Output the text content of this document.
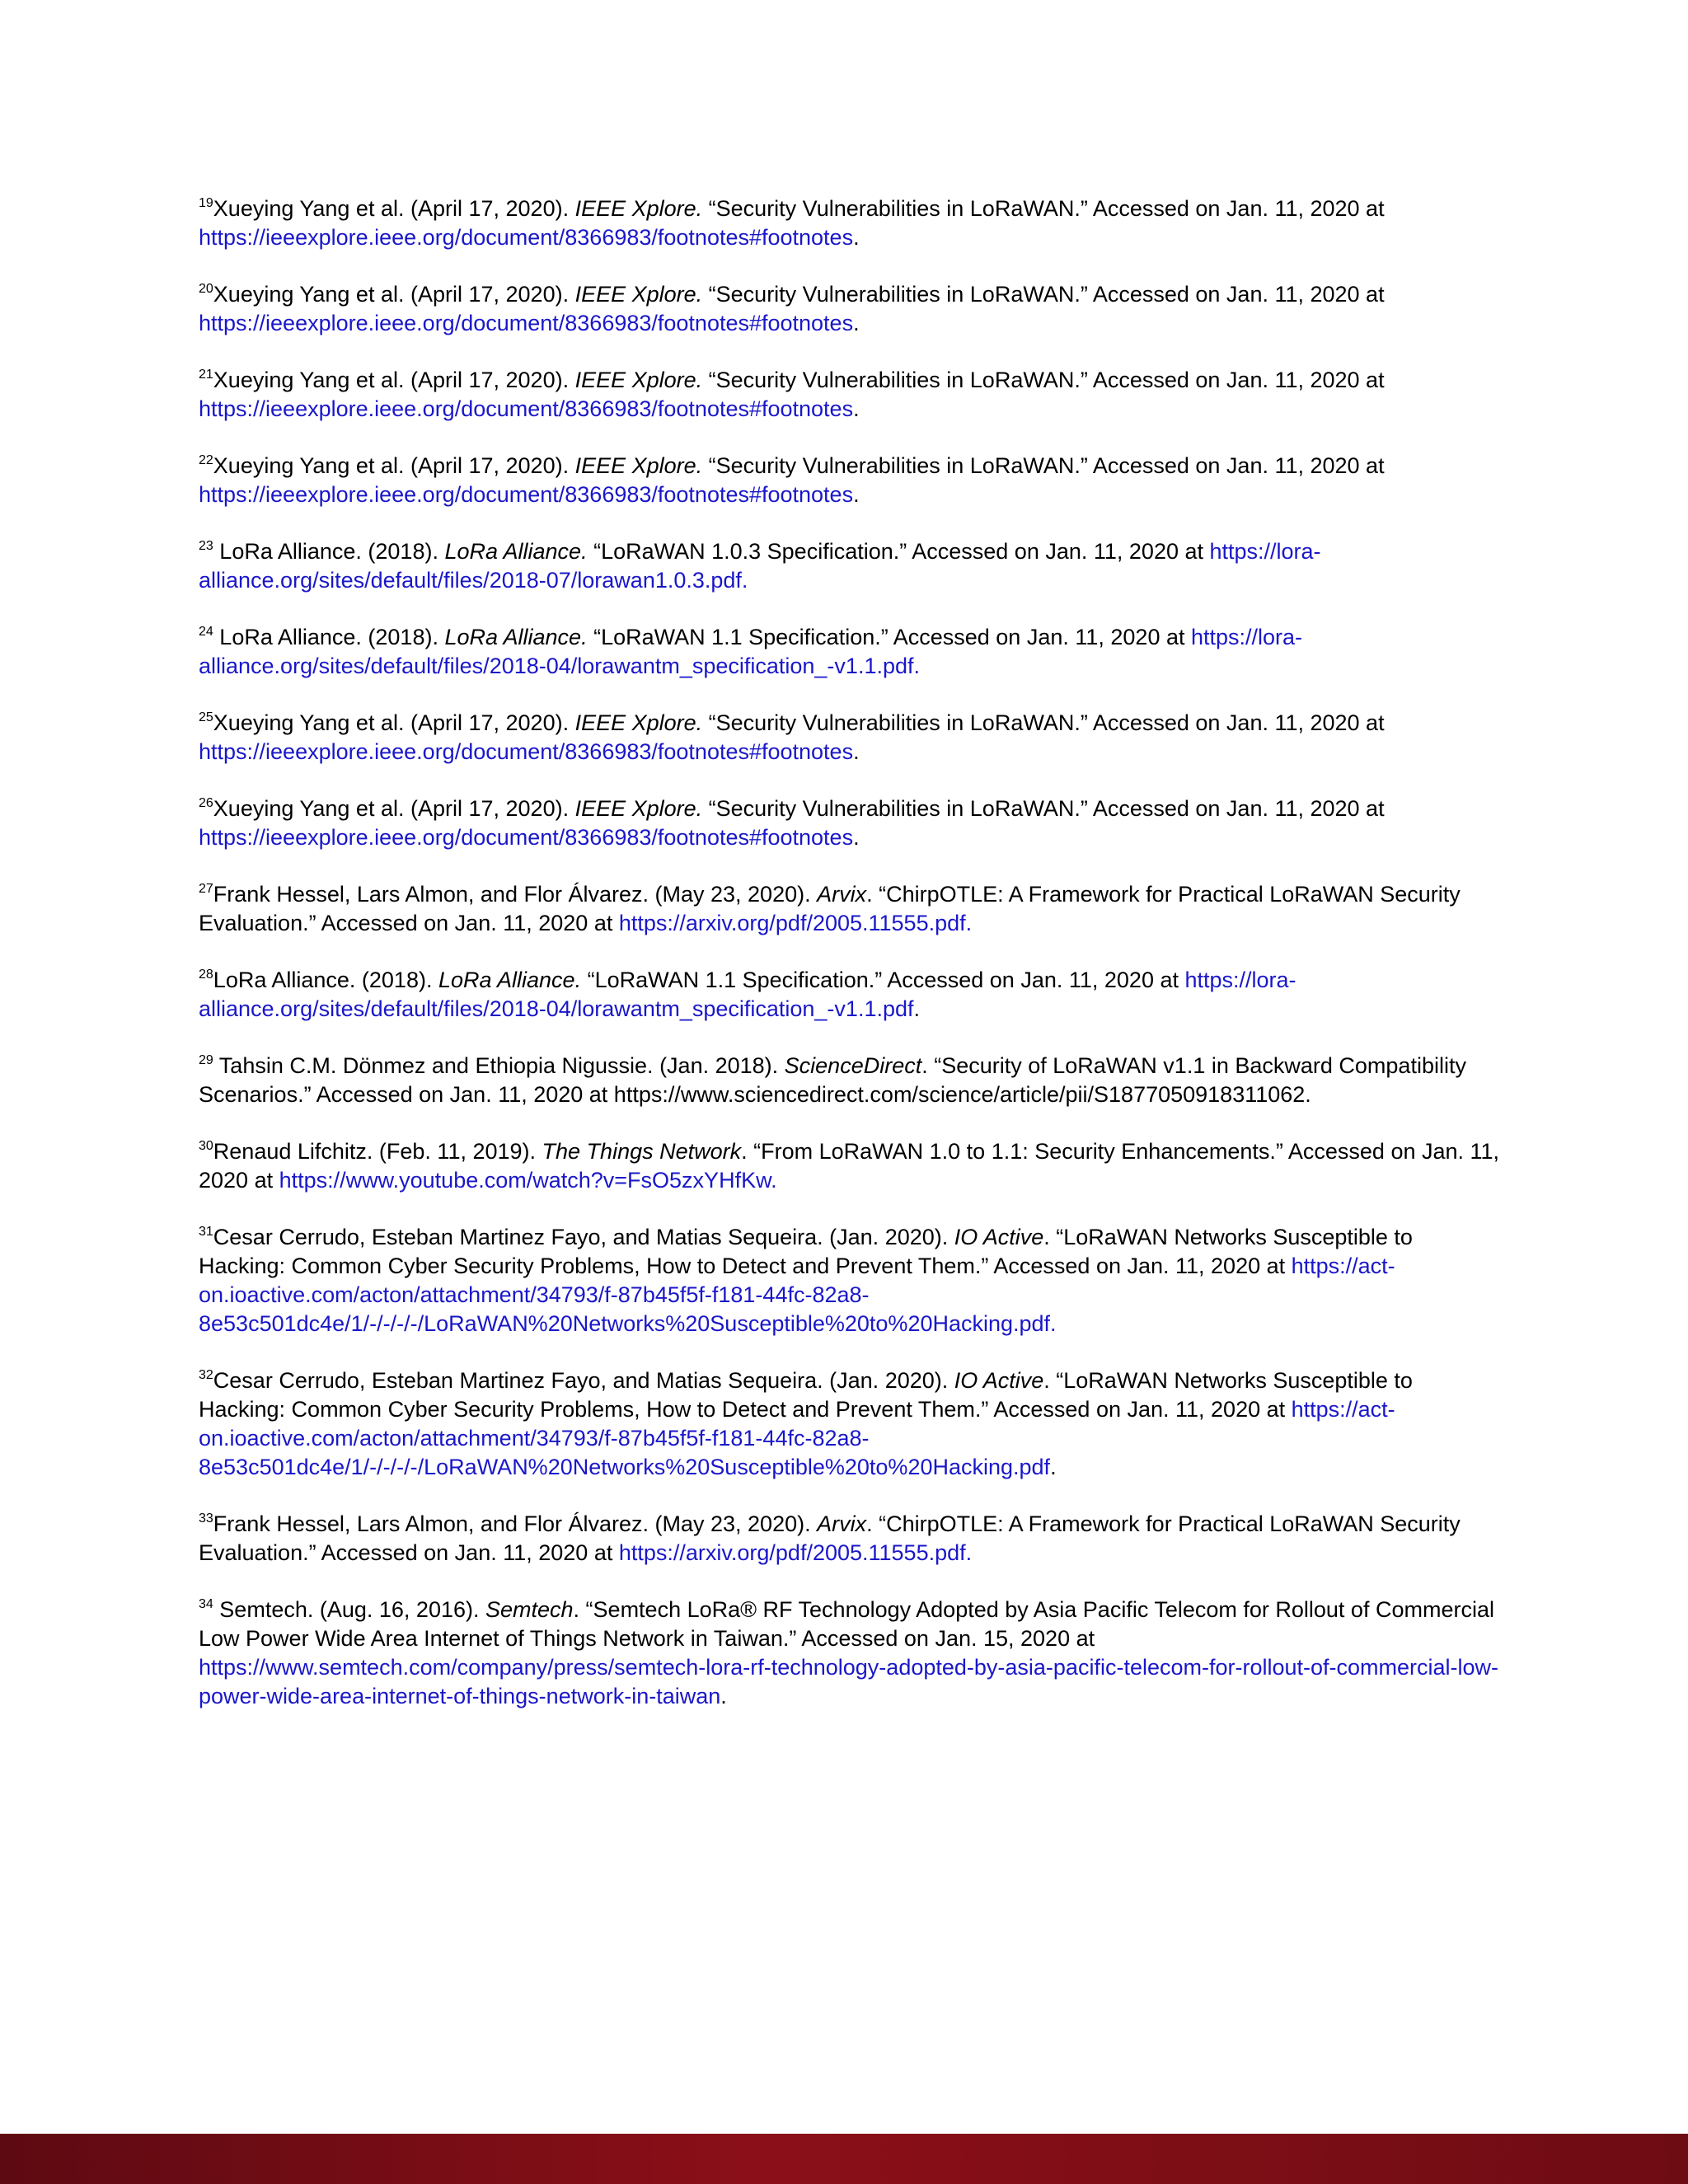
$^{19}$Xueying Yang et al. (April 17, 2020). IEEE Xplore. “Security Vulnerabilities in LoRaWAN.” Accessed on Jan. 11, 2020 at
https://ieeexplore.ieee.org/document/8366983/footnotes#footnotes.

$^{20}$Xueying Yang et al. (April 17, 2020). IEEE Xplore. “Security Vulnerabilities in LoRaWAN.” Accessed on Jan. 11, 2020 at
https://ieeexplore.ieee.org/document/8366983/footnotes#footnotes.

$^{21}$Xueying Yang et al. (April 17, 2020). IEEE Xplore. “Security Vulnerabilities in LoRaWAN.” Accessed on Jan. 11, 2020 at
https://ieeexplore.ieee.org/document/8366983/footnotes#footnotes.

$^{22}$Xueying Yang et al. (April 17, 2020). IEEE Xplore. “Security Vulnerabilities in LoRaWAN.” Accessed on Jan. 11, 2020 at
https://ieeexplore.ieee.org/document/8366983/footnotes#footnotes.

$^{23}$ LoRa Alliance. (2018). LoRa Alliance. “LoRaWAN 1.0.3 Specification.” Accessed on Jan. 11, 2020 at https://lora-alliance.org/sites/default/files/2018-07/lorawan1.0.3.pdf.

$^{24}$ LoRa Alliance. (2018). LoRa Alliance. “LoRaWAN 1.1 Specification.” Accessed on Jan. 11, 2020 at https://lora-alliance.org/sites/default/files/2018-04/lorawantm_specification_-v1.1.pdf.

$^{25}$Xueying Yang et al. (April 17, 2020). IEEE Xplore. “Security Vulnerabilities in LoRaWAN.” Accessed on Jan. 11, 2020 at
https://ieeexplore.ieee.org/document/8366983/footnotes#footnotes.

$^{26}$Xueying Yang et al. (April 17, 2020). IEEE Xplore. “Security Vulnerabilities in LoRaWAN.” Accessed on Jan. 11, 2020 at
https://ieeexplore.ieee.org/document/8366983/footnotes#footnotes.

$^{27}$Frank Hessel, Lars Almon, and Flor Álvarez. (May 23, 2020). Arvix. “ChirpOTLE: A Framework for Practical LoRaWAN Security Evaluation.” Accessed on Jan. 11, 2020 at https://arxiv.org/pdf/2005.11555.pdf.

$^{28}$LoRa Alliance. (2018). LoRa Alliance. “LoRaWAN 1.1 Specification.” Accessed on Jan. 11, 2020 at https://lora-alliance.org/sites/default/files/2018-04/lorawantm_specification_-v1.1.pdf.

$^{29}$ Tahsin C.M. Dönmez and Ethiopia Nigussie. (Jan. 2018). ScienceDirect. “Security of LoRaWAN v1.1 in Backward Compatibility Scenarios.” Accessed on Jan. 11, 2020 at https://www.sciencedirect.com/science/article/pii/S1877050918311062.

$^{30}$Renaud Lifchitz. (Feb. 11, 2019). The Things Network. “From LoRaWAN 1.0 to 1.1: Security Enhancements.” Accessed on Jan. 11, 2020 at https://www.youtube.com/watch?v=FsO5zxYHfKw.

$^{31}$Cesar Cerrudo, Esteban Martinez Fayo, and Matias Sequeira. (Jan. 2020). IO Active. “LoRaWAN Networks Susceptible to Hacking: Common Cyber Security Problems, How to Detect and Prevent Them.” Accessed on Jan. 11, 2020 at https://act-on.ioactive.com/acton/attachment/34793/f-87b45f5f-f181-44fc-82a8-8e53c501dc4e/1/-/-/-/-/LoRaWAN%20Networks%20Susceptible%20to%20Hacking.pdf.

$^{32}$Cesar Cerrudo, Esteban Martinez Fayo, and Matias Sequeira. (Jan. 2020). IO Active. “LoRaWAN Networks Susceptible to Hacking: Common Cyber Security Problems, How to Detect and Prevent Them.” Accessed on Jan. 11, 2020 at https://act-on.ioactive.com/acton/attachment/34793/f-87b45f5f-f181-44fc-82a8-8e53c501dc4e/1/-/-/-/-/LoRaWAN%20Networks%20Susceptible%20to%20Hacking.pdf.

$^{33}$Frank Hessel, Lars Almon, and Flor Álvarez. (May 23, 2020). Arvix. “ChirpOTLE: A Framework for Practical LoRaWAN Security Evaluation.” Accessed on Jan. 11, 2020 at https://arxiv.org/pdf/2005.11555.pdf.

$^{34}$ Semtech. (Aug. 16, 2016). Semtech. “Semtech LoRa® RF Technology Adopted by Asia Pacific Telecom for Rollout of Commercial Low Power Wide Area Internet of Things Network in Taiwan.” Accessed on Jan. 15, 2020 at
https://www.semtech.com/company/press/semtech-lora-rf-technology-adopted-by-asia-pacific-telecom-for-rollout-of-commercial-low-power-wide-area-internet-of-things-network-in-taiwan.
